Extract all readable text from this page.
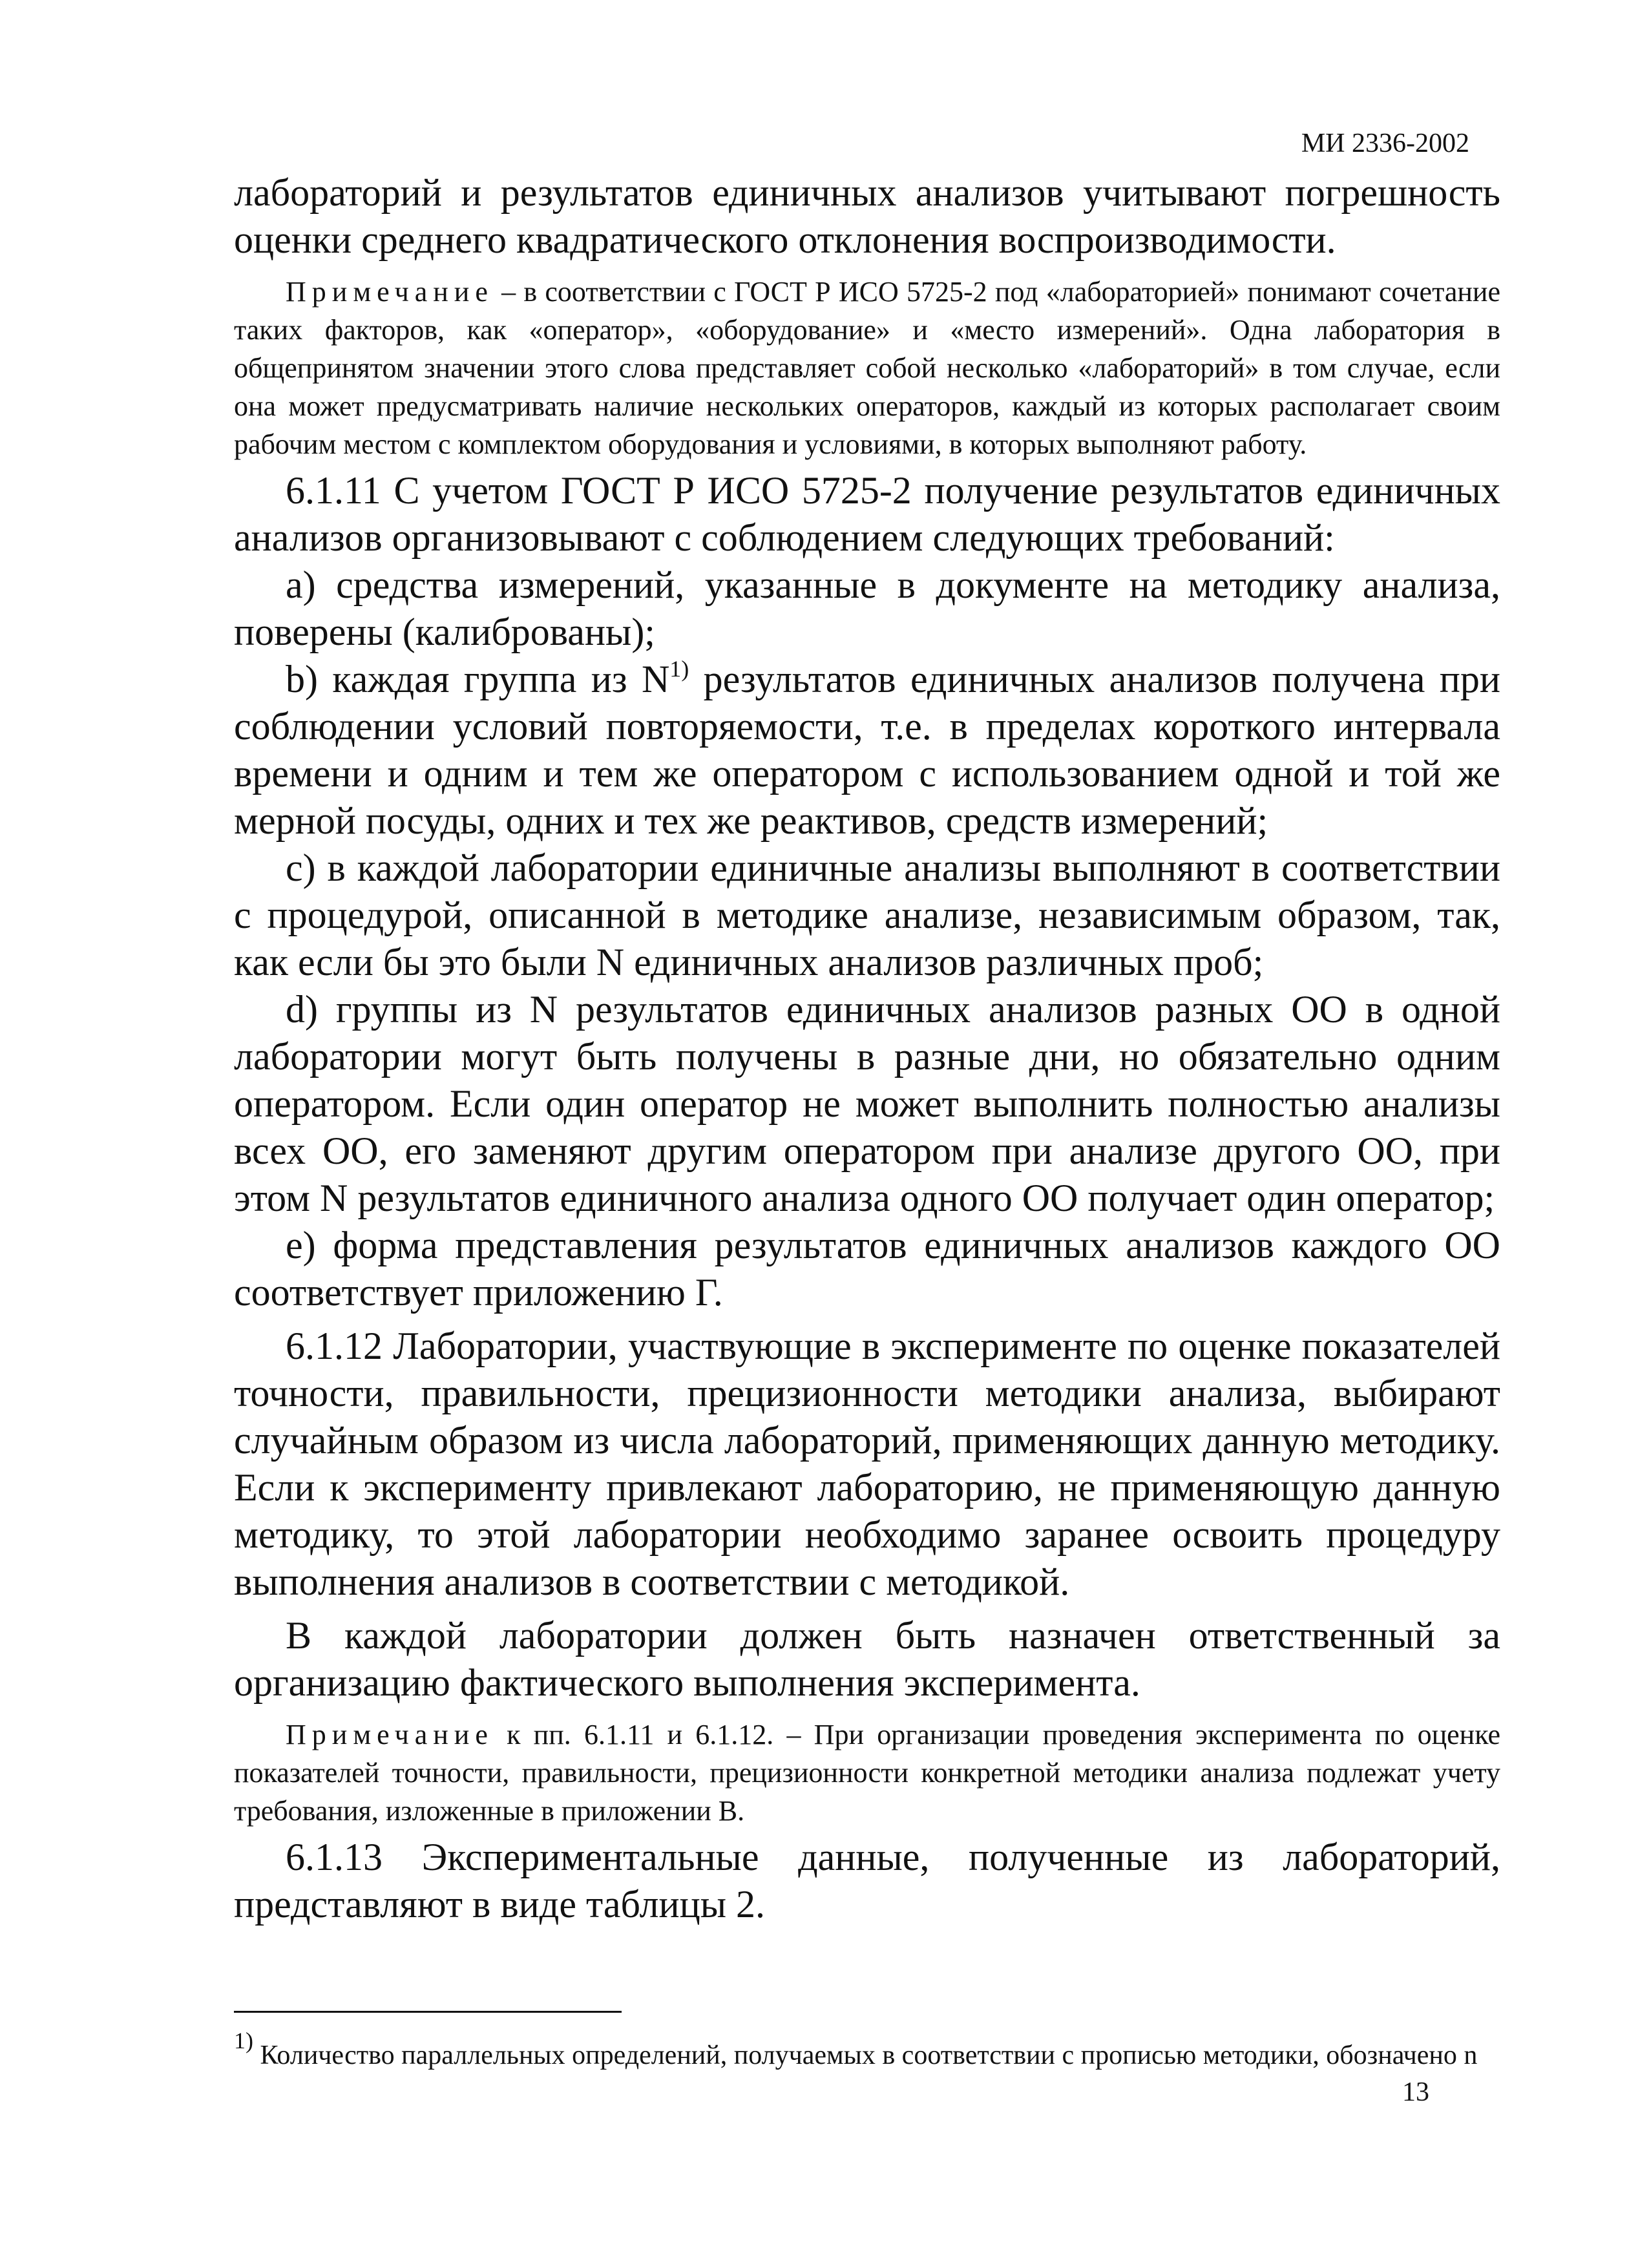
МИ 2336-2002

лабораторий и результатов единичных анализов учитывают погрешность оценки среднего квадратического отклонения воспроизводимости.

Примечание – в соответствии с ГОСТ Р ИСО 5725-2 под «лабораторией» понимают сочетание таких факторов, как «оператор», «оборудование» и «место измерений». Одна лаборатория в общепринятом значении этого слова представляет собой несколько «лабораторий» в том случае, если она может предусматривать наличие нескольких операторов, каждый из которых располагает своим рабочим местом с комплектом оборудования и условиями, в которых выполняют работу.

6.1.11 С учетом ГОСТ Р ИСО 5725-2 получение результатов единичных анализов организовывают с соблюдением следующих требований:

а) средства измерений, указанные в документе на методику анализа, поверены (калиброваны);

b) каждая группа из $N^{1)}$ результатов единичных анализов получена при соблюдении условий повторяемости, т.е. в пределах короткого интервала времени и одним и тем же оператором с использованием одной и той же мерной посуды, одних и тех же реактивов, средств измерений;

с) в каждой лаборатории единичные анализы выполняют в соответствии с процедурой, описанной в методике анализе, независимым образом, так, как если бы это были N единичных анализов различных проб;

d) группы из N результатов единичных анализов разных ОО в одной лаборатории могут быть получены в разные дни, но обязательно одним оператором. Если один оператор не может выполнить полностью анализы всех ОО, его заменяют другим оператором при анализе другого ОО, при этом N результатов единичного анализа одного ОО получает один оператор;

е) форма представления результатов единичных анализов каждого ОО соответствует приложению Г.

6.1.12 Лаборатории, участвующие в эксперименте по оценке показателей точности, правильности, прецизионности методики анализа, выбирают случайным образом из числа лабораторий, применяющих данную методику. Если к эксперименту привлекают лабораторию, не применяющую данную методику, то этой лаборатории необходимо заранее освоить процедуру выполнения анализов в соответствии с методикой.

В каждой лаборатории должен быть назначен ответственный за организацию фактического выполнения эксперимента.

Примечание к пп. 6.1.11 и 6.1.12. – При организации проведения эксперимента по оценке показателей точности, правильности, прецизионности конкретной методики анализа подлежат учету требования, изложенные в приложении В.

6.1.13 Экспериментальные данные, полученные из лабораторий, представляют в виде таблицы 2.

$^{1)}$ Количество параллельных определений, получаемых в соответствии с прописью методики, обозначено n
13
